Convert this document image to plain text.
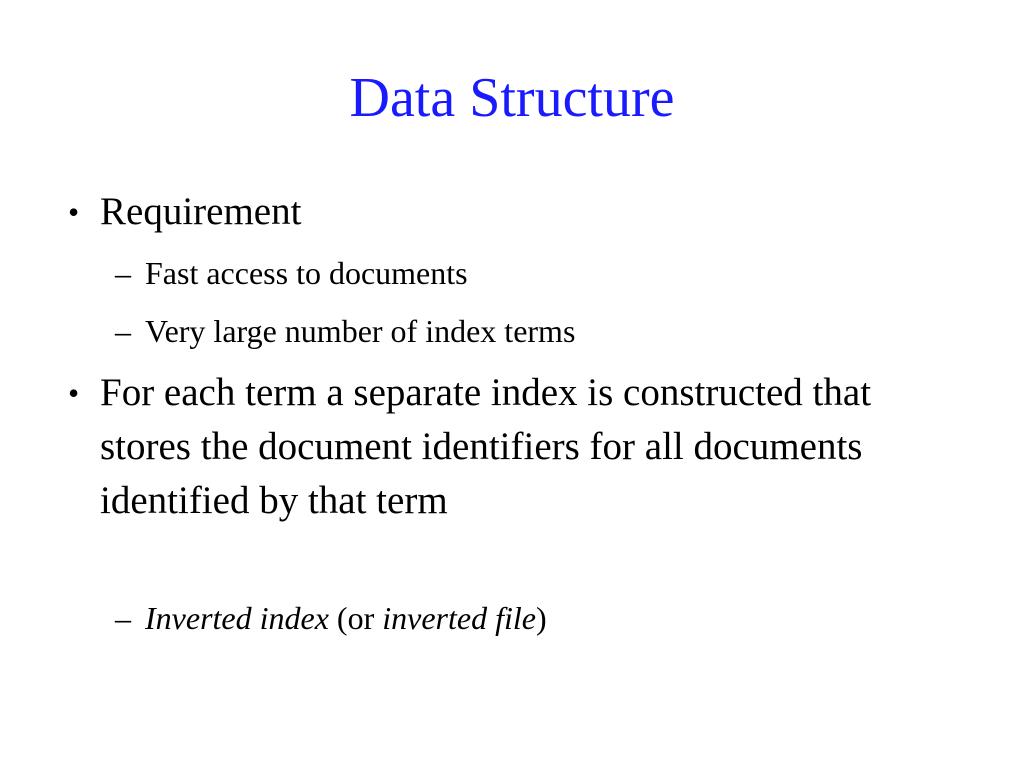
Data Structure
• Requirement
– Fast access to documents
– Very large number of index terms
• For each term a separate index is constructed that stores the document identifiers for all documents identified by that term
– Inverted index (or inverted file)
